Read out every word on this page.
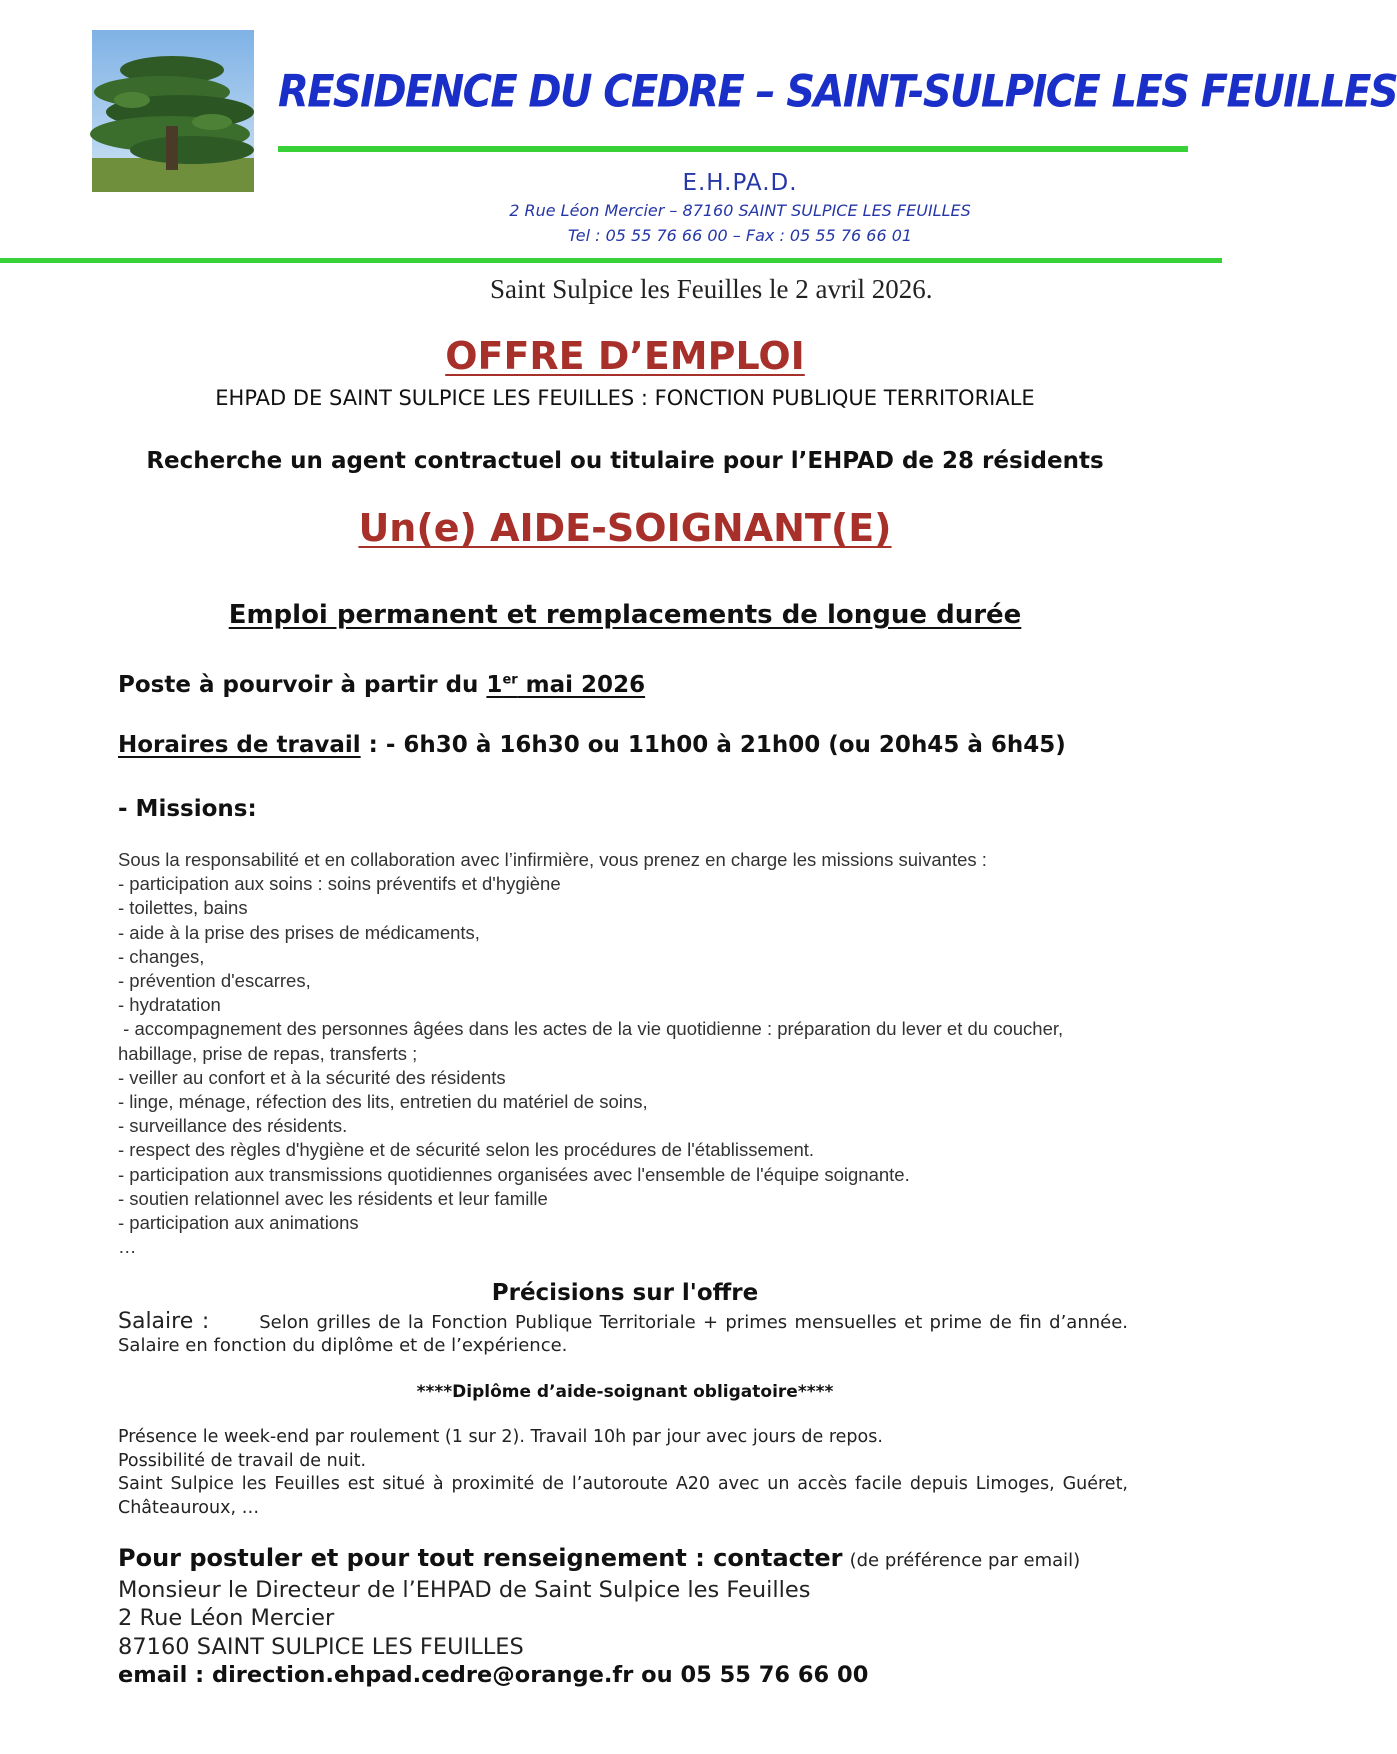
RESIDENCE DU CEDRE – SAINT-SULPICE LES FEUILLES
E.H.PA.D.
2 Rue Léon Mercier – 87160 SAINT SULPICE LES FEUILLES
Tel : 05 55 76 66 00 – Fax : 05 55 76 66 01
Saint Sulpice les Feuilles le 2 avril 2026.
OFFRE D’EMPLOI
EHPAD DE SAINT SULPICE LES FEUILLES : FONCTION PUBLIQUE TERRITORIALE
Recherche un agent contractuel ou titulaire pour l’EHPAD de 28 résidents
Un(e) AIDE-SOIGNANT(E)
Emploi permanent et remplacements de longue durée
Poste à pourvoir à partir du 1er mai 2026
Horaires de travail : - 6h30 à 16h30 ou 11h00 à 21h00 (ou 20h45 à 6h45)
- Missions:
Sous la responsabilité et en collaboration avec l’infirmière, vous prenez en charge les missions suivantes :
- participation aux soins : soins préventifs et d'hygiène
- toilettes, bains
- aide à la prise des prises de médicaments,
- changes,
- prévention d'escarres,
- hydratation
- accompagnement des personnes âgées dans les actes de la vie quotidienne : préparation du lever et du coucher, habillage, prise de repas, transferts ;
- veiller au confort et à la sécurité des résidents
- linge, ménage, réfection des lits, entretien du matériel de soins,
- surveillance des résidents.
- respect des règles d'hygiène et de sécurité selon les procédures de l'établissement.
- participation aux transmissions quotidiennes organisées avec l'ensemble de l'équipe soignante.
- soutien relationnel avec les résidents et leur famille
- participation aux animations
…
Précisions sur l'offre
Salaire :	Selon grilles de la Fonction Publique Territoriale + primes mensuelles et prime de fin d’année. Salaire en fonction du diplôme et de l’expérience.
****Diplôme d’aide-soignant obligatoire****
Présence le week-end par roulement (1 sur 2). Travail 10h par jour avec jours de repos.
Possibilité de travail de nuit.
Saint Sulpice les Feuilles est situé à proximité de l’autoroute A20 avec un accès facile depuis Limoges, Guéret, Châteauroux, …
Pour postuler et pour tout renseignement : contacter (de préférence par email)
Monsieur le Directeur de l’EHPAD de Saint Sulpice les Feuilles
2 Rue Léon Mercier
87160 SAINT SULPICE LES FEUILLES
email : direction.ehpad.cedre@orange.fr ou 05 55 76 66 00
